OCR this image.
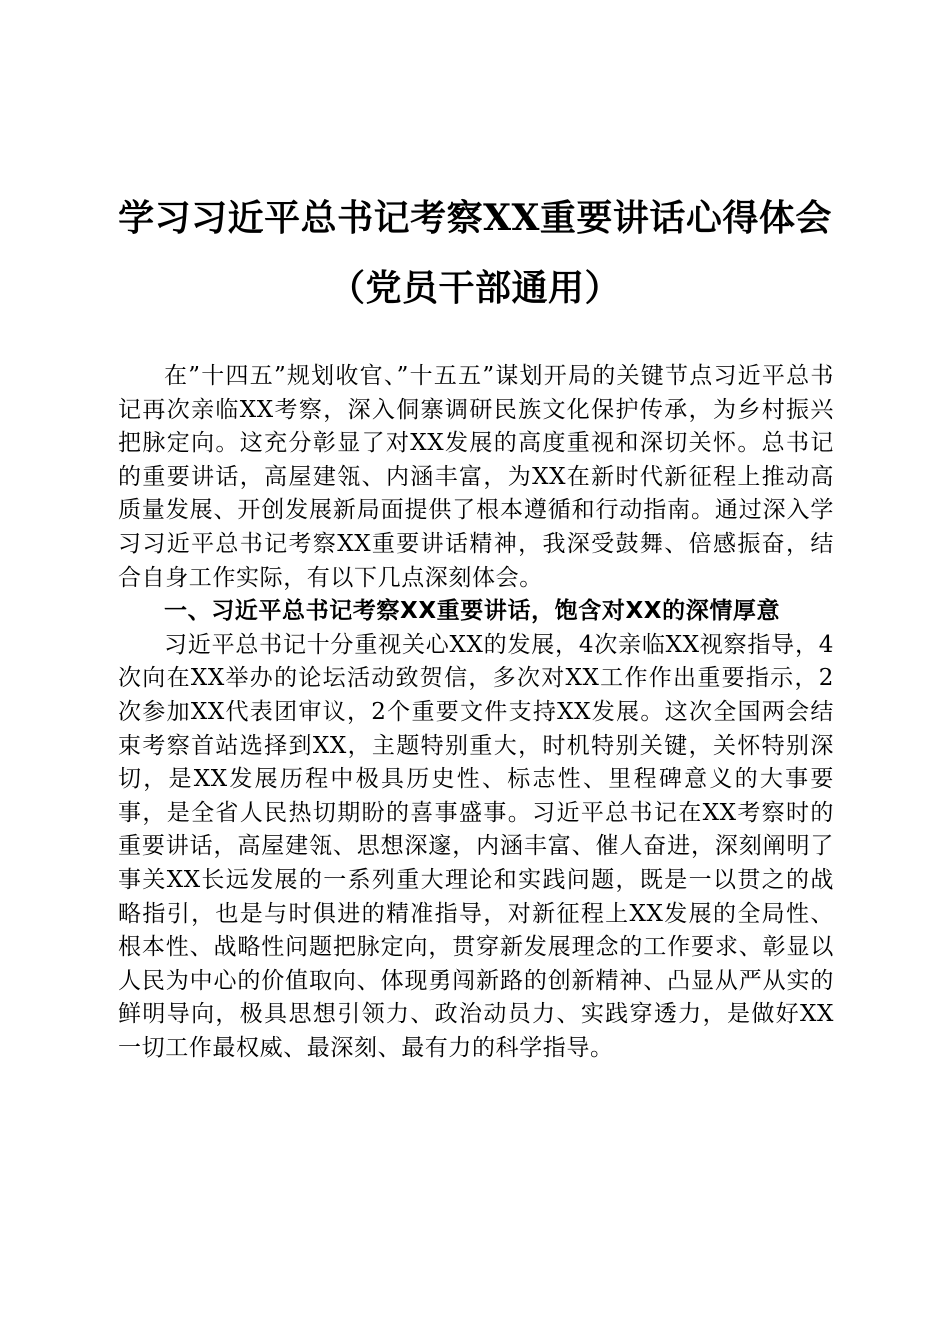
学习习近平总书记考察XX重要讲话心得体会
（党员干部通用）

在”十四五”规划收官、”十五五”谋划开局的关键节点习近平总书记再次亲临XX考察，深入侗寨调研民族文化保护传承，为乡村振兴把脉定向。这充分彰显了对XX发展的高度重视和深切关怀。总书记的重要讲话，高屋建瓴、内涵丰富，为XX在新时代新征程上推动高质量发展、开创发展新局面提供了根本遵循和行动指南。通过深入学习习近平总书记考察XX重要讲话精神，我深受鼓舞、倍感振奋，结合自身工作实际，有以下几点深刻体会。

一、习近平总书记考察XX重要讲话，饱含对XX的深情厚意

习近平总书记十分重视关心XX的发展，4次亲临XX视察指导，4次向在XX举办的论坛活动致贺信，多次对XX工作作出重要指示，2次参加XX代表团审议，2个重要文件支持XX发展。这次全国两会结束考察首站选择到XX，主题特别重大，时机特别关键，关怀特别深切，是XX发展历程中极具历史性、标志性、里程碑意义的大事要事，是全省人民热切期盼的喜事盛事。习近平总书记在XX考察时的重要讲话，高屋建瓴、思想深邃，内涵丰富、催人奋进，深刻阐明了事关XX长远发展的一系列重大理论和实践问题，既是一以贯之的战略指引，也是与时俱进的精准指导，对新征程上XX发展的全局性、根本性、战略性问题把脉定向，贯穿新发展理念的工作要求、彰显以人民为中心的价值取向、体现勇闯新路的创新精神、凸显从严从实的鲜明导向，极具思想引领力、政治动员力、实践穿透力，是做好XX一切工作最权威、最深刻、最有力的科学指导。
